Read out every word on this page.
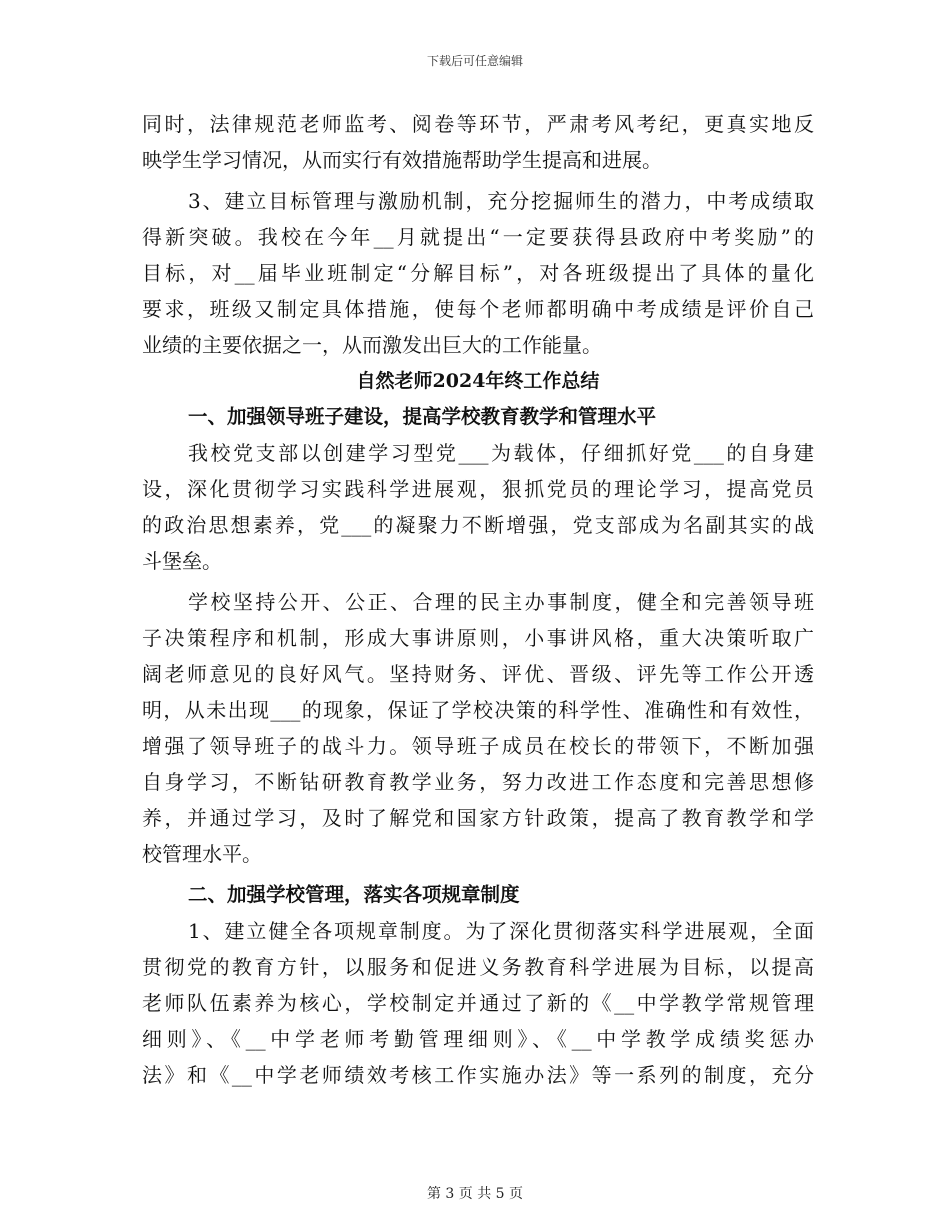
下载后可任意编辑
同时，法律规范老师监考、阅卷等环节，严肃考风考纪，更真实地反
映学生学习情况，从而实行有效措施帮助学生提高和进展。
3、建立目标管理与激励机制，充分挖掘师生的潜力，中考成绩取
得新突破。我校在今年__月就提出“一定要获得县政府中考奖励”的
目标，对__届毕业班制定“分解目标”，对各班级提出了具体的量化
要求，班级又制定具体措施，使每个老师都明确中考成绩是评价自己
业绩的主要依据之一，从而激发出巨大的工作能量。
自然老师2024年终工作总结
一、加强领导班子建设，提高学校教育教学和管理水平
我校党支部以创建学习型党___为载体，仔细抓好党___的自身建
设，深化贯彻学习实践科学进展观，狠抓党员的理论学习，提高党员
的政治思想素养，党___的凝聚力不断增强，党支部成为名副其实的战
斗堡垒。
学校坚持公开、公正、合理的民主办事制度，健全和完善领导班
子决策程序和机制，形成大事讲原则，小事讲风格，重大决策听取广
阔老师意见的良好风气。坚持财务、评优、晋级、评先等工作公开透
明，从未出现___的现象，保证了学校决策的科学性、准确性和有效性，
增强了领导班子的战斗力。领导班子成员在校长的带领下，不断加强
自身学习，不断钻研教育教学业务，努力改进工作态度和完善思想修
养，并通过学习，及时了解党和国家方针政策，提高了教育教学和学
校管理水平。
二、加强学校管理，落实各项规章制度
1、建立健全各项规章制度。为了深化贯彻落实科学进展观，全面
贯彻党的教育方针，以服务和促进义务教育科学进展为目标，以提高
老师队伍素养为核心，学校制定并通过了新的《__中学教学常规管理
细则》、《__中学老师考勤管理细则》、《__中学教学成绩奖惩办
法》和《__中学老师绩效考核工作实施办法》等一系列的制度，充分
第 3 页 共 5 页
